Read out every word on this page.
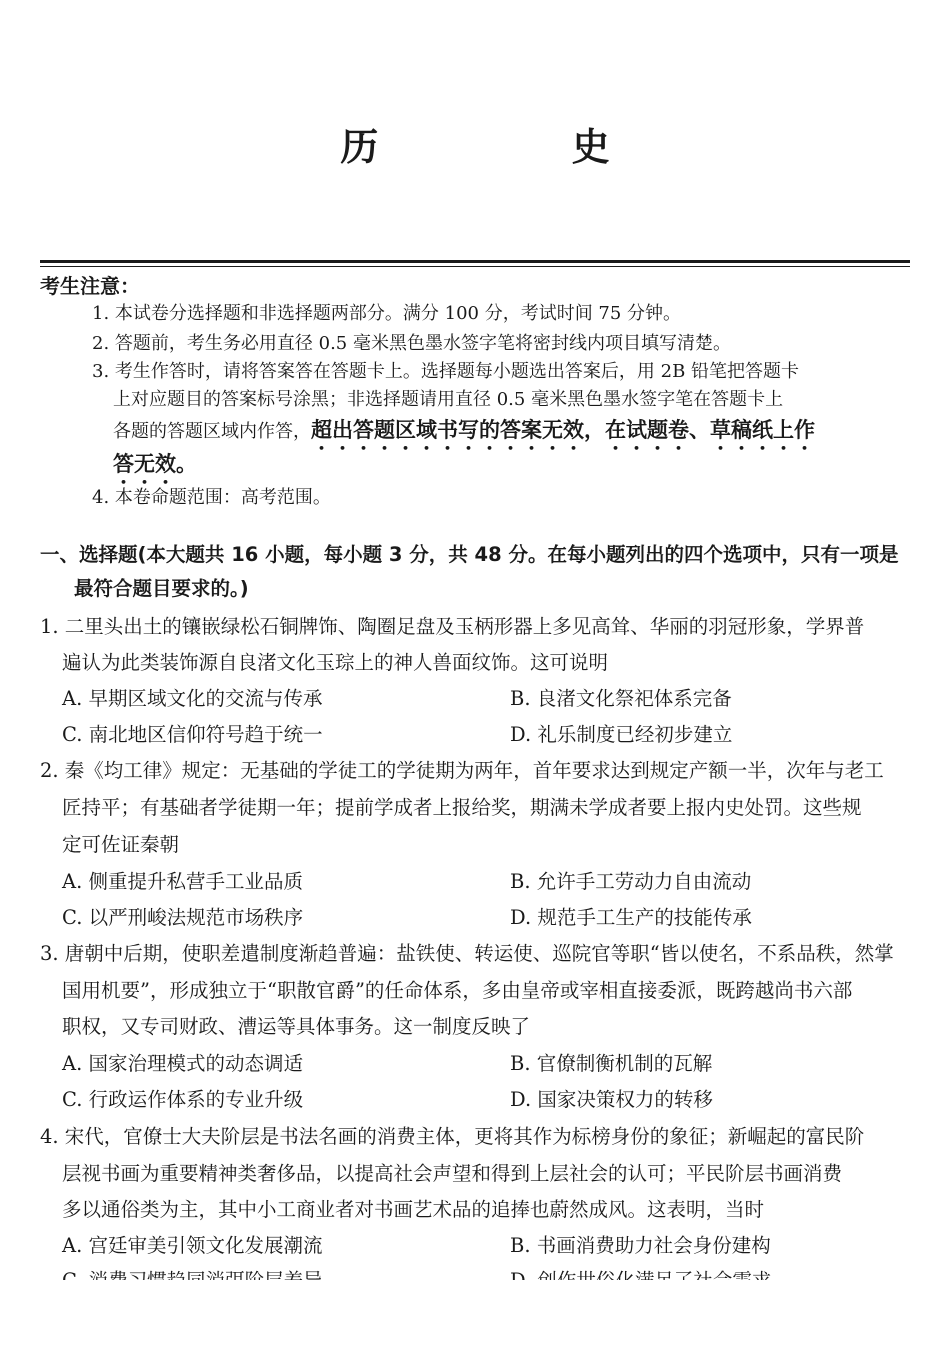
历 史
考生注意：
1. 本试卷分选择题和非选择题两部分。满分 100 分，考试时间 75 分钟。
2. 答题前，考生务必用直径 0.5 毫米黑色墨水签字笔将密封线内项目填写清楚。
3. 考生作答时，请将答案答在答题卡上。选择题每小题选出答案后，用 2B 铅笔把答题卡
上对应题目的答案标号涂黑；非选择题请用直径 0.5 毫米黑色墨水签字笔在答题卡上
各题的答题区域内作答，超出答题区域书写的答案无效，在试题卷、草稿纸上作
答无效。
4. 本卷命题范围：高考范围。
一、选择题(本大题共 16 小题，每小题 3 分，共 48 分。在每小题列出的四个选项中，只有一项是
最符合题目要求的。)
1. 二里头出土的镶嵌绿松石铜牌饰、陶圈足盘及玉柄形器上多见高耸、华丽的羽冠形象，学界普
遍认为此类装饰源自良渚文化玉琮上的神人兽面纹饰。这可说明
A. 早期区域文化的交流与传承	B. 良渚文化祭祀体系完备
C. 南北地区信仰符号趋于统一	D. 礼乐制度已经初步建立
2. 秦《均工律》规定：无基础的学徒工的学徒期为两年，首年要求达到规定产额一半，次年与老工
匠持平；有基础者学徒期一年；提前学成者上报给奖，期满未学成者要上报内史处罚。这些规
定可佐证秦朝
A. 侧重提升私营手工业品质	B. 允许手工劳动力自由流动
C. 以严刑峻法规范市场秩序	D. 规范手工生产的技能传承
3. 唐朝中后期，使职差遣制度渐趋普遍：盐铁使、转运使、巡院官等职“皆以使名，不系品秩，然掌
国用机要”，形成独立于“职散官爵”的任命体系，多由皇帝或宰相直接委派，既跨越尚书六部
职权，又专司财政、漕运等具体事务。这一制度反映了
A. 国家治理模式的动态调适	B. 官僚制衡机制的瓦解
C. 行政运作体系的专业升级	D. 国家决策权力的转移
4. 宋代，官僚士大夫阶层是书法名画的消费主体，更将其作为标榜身份的象征；新崛起的富民阶
层视书画为重要精神类奢侈品，以提高社会声望和得到上层社会的认可；平民阶层书画消费
多以通俗类为主，其中小工商业者对书画艺术品的追捧也蔚然成风。这表明，当时
A. 宫廷审美引领文化发展潮流	B. 书画消费助力社会身份建构
